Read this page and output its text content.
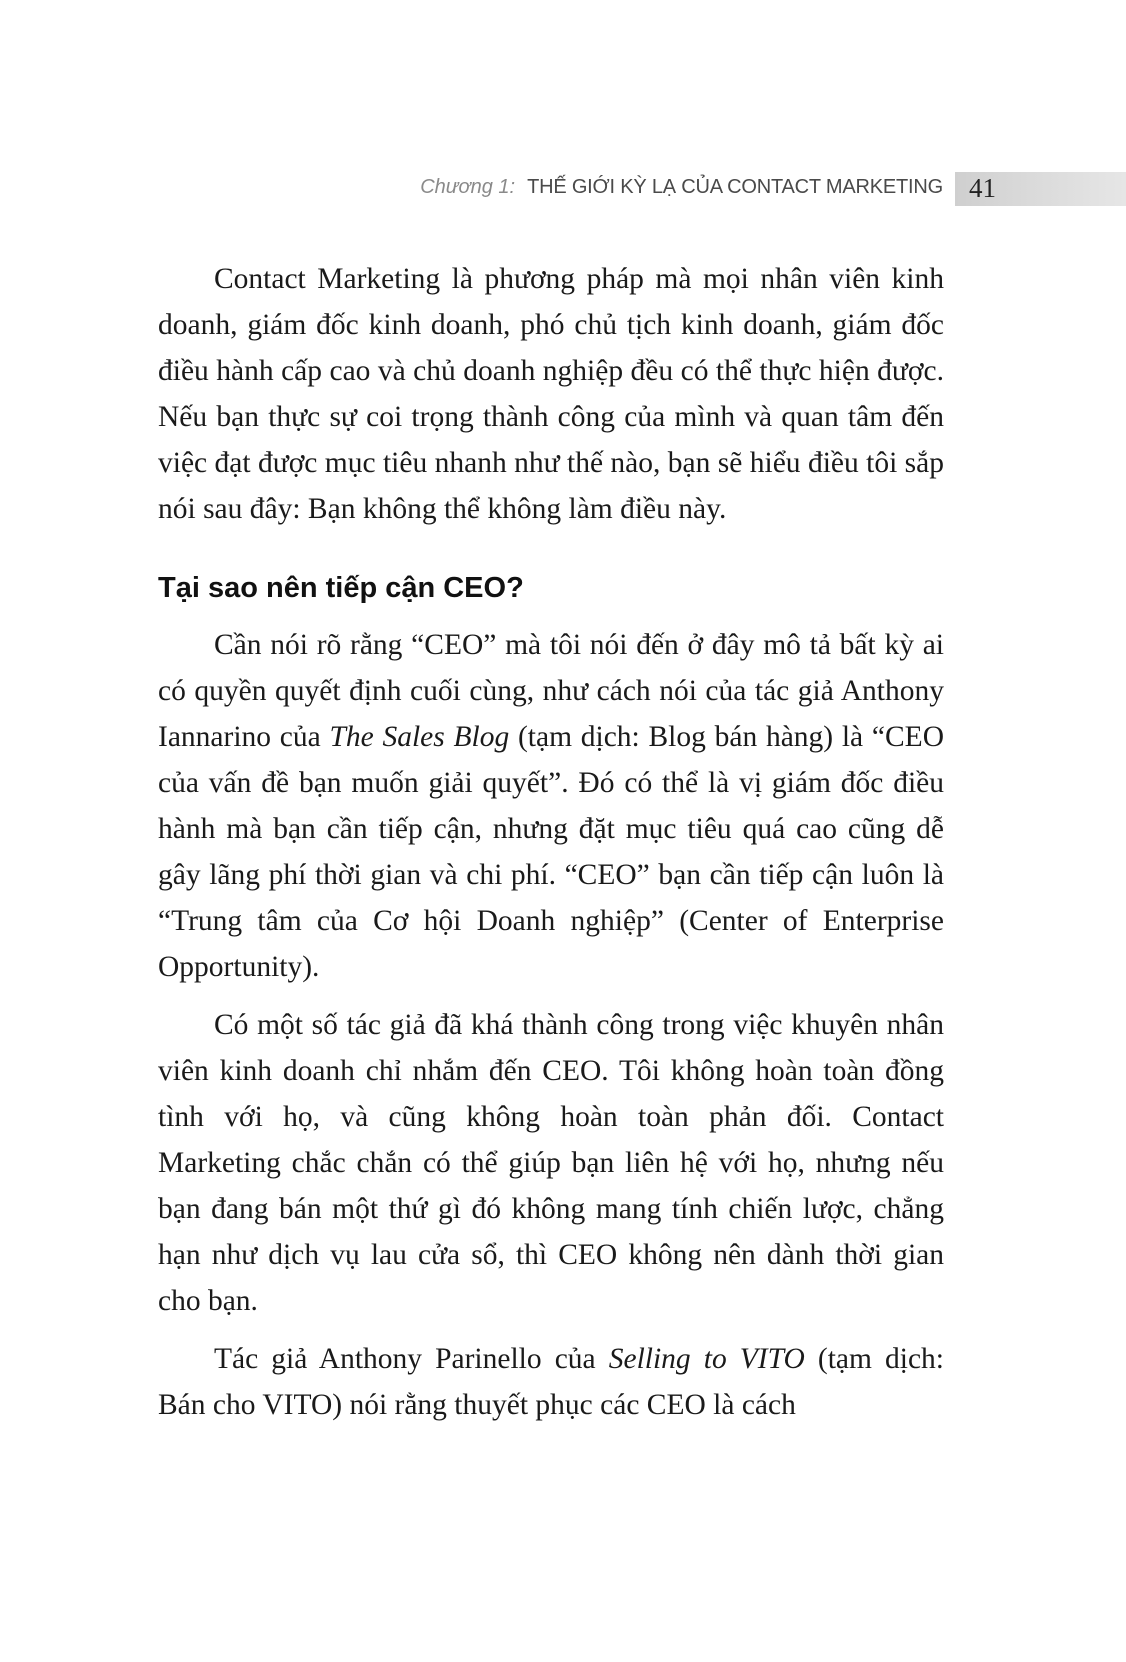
Chương 1: THẾ GIỚI KỲ LẠ CỦA CONTACT MARKETING 41

Contact Marketing là phương pháp mà mọi nhân viên kinh doanh, giám đốc kinh doanh, phó chủ tịch kinh doanh, giám đốc điều hành cấp cao và chủ doanh nghiệp đều có thể thực hiện được. Nếu bạn thực sự coi trọng thành công của mình và quan tâm đến việc đạt được mục tiêu nhanh như thế nào, bạn sẽ hiểu điều tôi sắp nói sau đây: Bạn không thể không làm điều này.

Tại sao nên tiếp cận CEO?

Cần nói rõ rằng “CEO” mà tôi nói đến ở đây mô tả bất kỳ ai có quyền quyết định cuối cùng, như cách nói của tác giả Anthony Iannarino của The Sales Blog (tạm dịch: Blog bán hàng) là “CEO của vấn đề bạn muốn giải quyết”. Đó có thể là vị giám đốc điều hành mà bạn cần tiếp cận, nhưng đặt mục tiêu quá cao cũng dễ gây lãng phí thời gian và chi phí. “CEO” bạn cần tiếp cận luôn là “Trung tâm của Cơ hội Doanh nghiệp” (Center of Enterprise Opportunity).

Có một số tác giả đã khá thành công trong việc khuyên nhân viên kinh doanh chỉ nhắm đến CEO. Tôi không hoàn toàn đồng tình với họ, và cũng không hoàn toàn phản đối. Contact Marketing chắc chắn có thể giúp bạn liên hệ với họ, nhưng nếu bạn đang bán một thứ gì đó không mang tính chiến lược, chẳng hạn như dịch vụ lau cửa sổ, thì CEO không nên dành thời gian cho bạn.

Tác giả Anthony Parinello của Selling to VITO (tạm dịch: Bán cho VITO) nói rằng thuyết phục các CEO là cách
